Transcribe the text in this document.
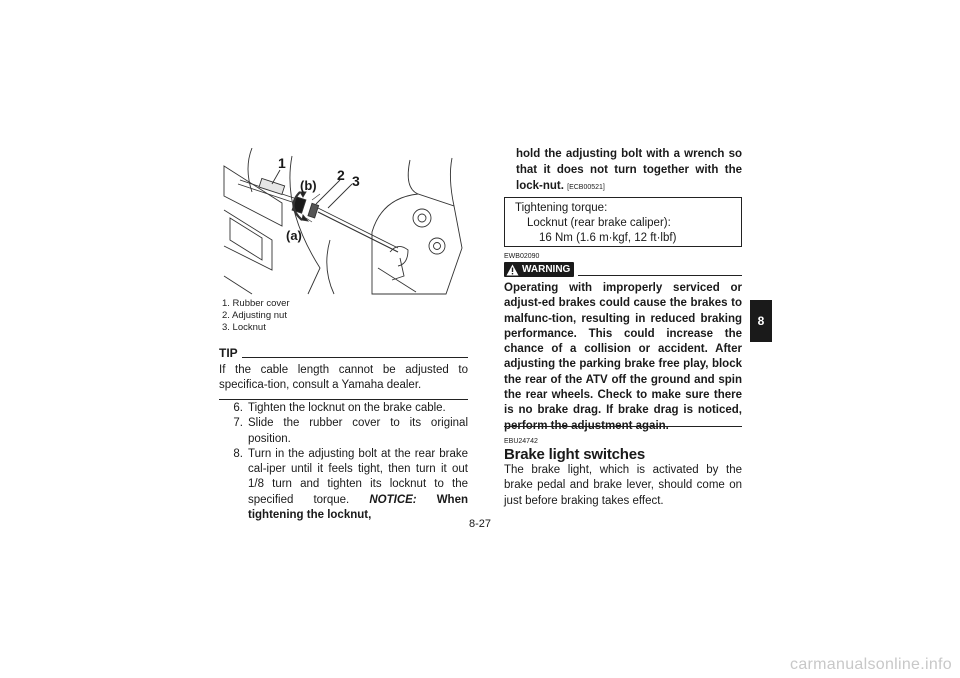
1
2 3
(b)
(a)
1. Rubber cover
2. Adjusting nut
3. Locknut
TIP
If the cable length cannot be adjusted to specifica-tion, consult a Yamaha dealer.
6. Tighten the locknut on the brake cable.
7. Slide the rubber cover to its original position.
8. Turn in the adjusting bolt at the rear brake cal-iper until it feels tight, then turn it out 1/8 turn and tighten its locknut to the specified torque. NOTICE: When tightening the locknut,
hold the adjusting bolt with a wrench so that it does not turn together with the lock-nut. [ECB00521]
Tightening torque:
Locknut (rear brake caliper):
16 Nm (1.6 m·kgf, 12 ft·lbf)
EWB02090
WARNING
Operating with improperly serviced or adjust-ed brakes could cause the brakes to malfunc-tion, resulting in reduced braking performance. This could increase the chance of a collision or accident. After adjusting the parking brake free play, block the rear of the ATV off the ground and spin the rear wheels. Check to make sure there is no brake drag. If brake drag is noticed, perform the adjustment again.
EBU24742
Brake light switches
The brake light, which is activated by the brake pedal and brake lever, should come on just before braking takes effect.
8-27
8
carmanualsonline.info
